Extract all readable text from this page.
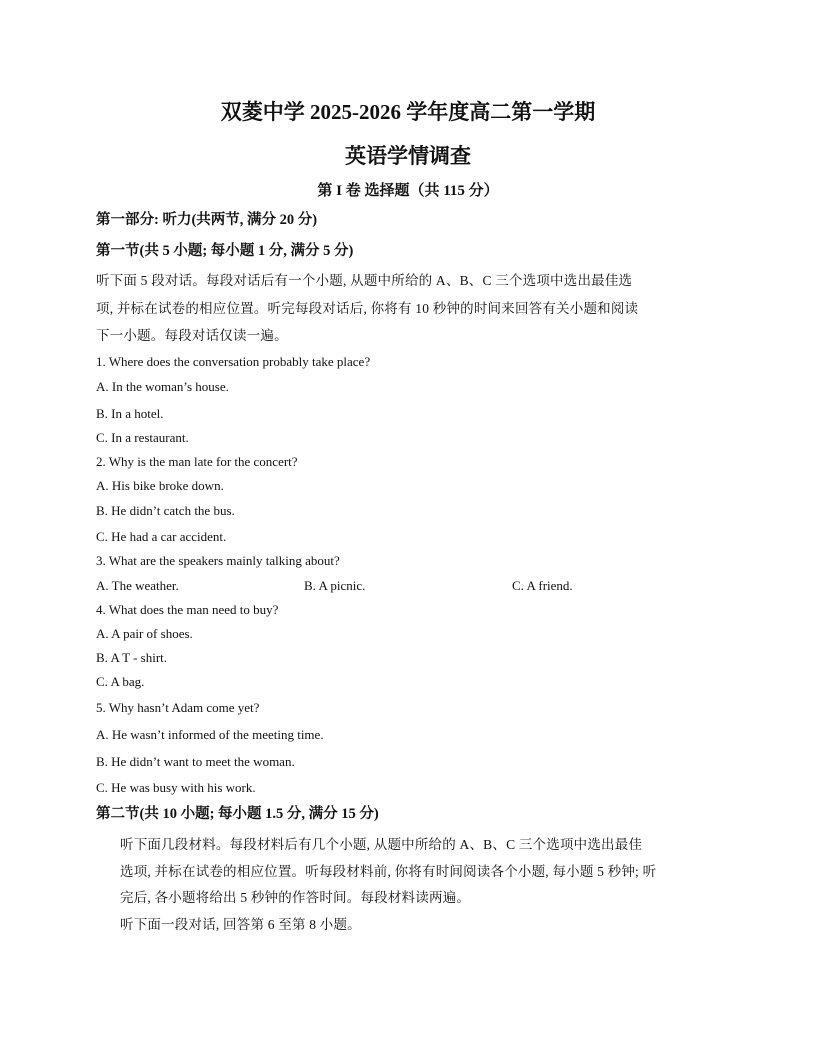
双菱中学 2025-2026 学年度高二第一学期
英语学情调查
第 I 卷 选择题（共 115 分）
第一部分: 听力(共两节, 满分 20 分)
第一节(共 5 小题; 每小题 1 分, 满分 5 分)
听下面 5 段对话。每段对话后有一个小题, 从题中所给的 A、B、C 三个选项中选出最佳选
项, 并标在试卷的相应位置。听完每段对话后, 你将有 10 秒钟的时间来回答有关小题和阅读
下一小题。每段对话仅读一遍。
1. Where does the conversation probably take place?
A. In the woman’s house.
B. In a hotel.
C. In a restaurant.
2. Why is the man late for the concert?
A. His bike broke down.
B. He didn’t catch the bus.
C. He had a car accident.
3. What are the speakers mainly talking about?
A. The weather.	B. A picnic.	C. A friend.
4. What does the man need to buy?
A. A pair of shoes.
B. A T - shirt.
C. A bag.
5. Why hasn’t Adam come yet?
A. He wasn’t informed of the meeting time.
B. He didn’t want to meet the woman.
C. He was busy with his work.
第二节(共 10 小题; 每小题 1.5 分, 满分 15 分)
听下面几段材料。每段材料后有几个小题, 从题中所给的 A、B、C 三个选项中选出最佳
选项, 并标在试卷的相应位置。听每段材料前, 你将有时间阅读各个小题, 每小题 5 秒钟; 听
完后, 各小题将给出 5 秒钟的作答时间。每段材料读两遍。
听下面一段对话, 回答第 6 至第 8 小题。
